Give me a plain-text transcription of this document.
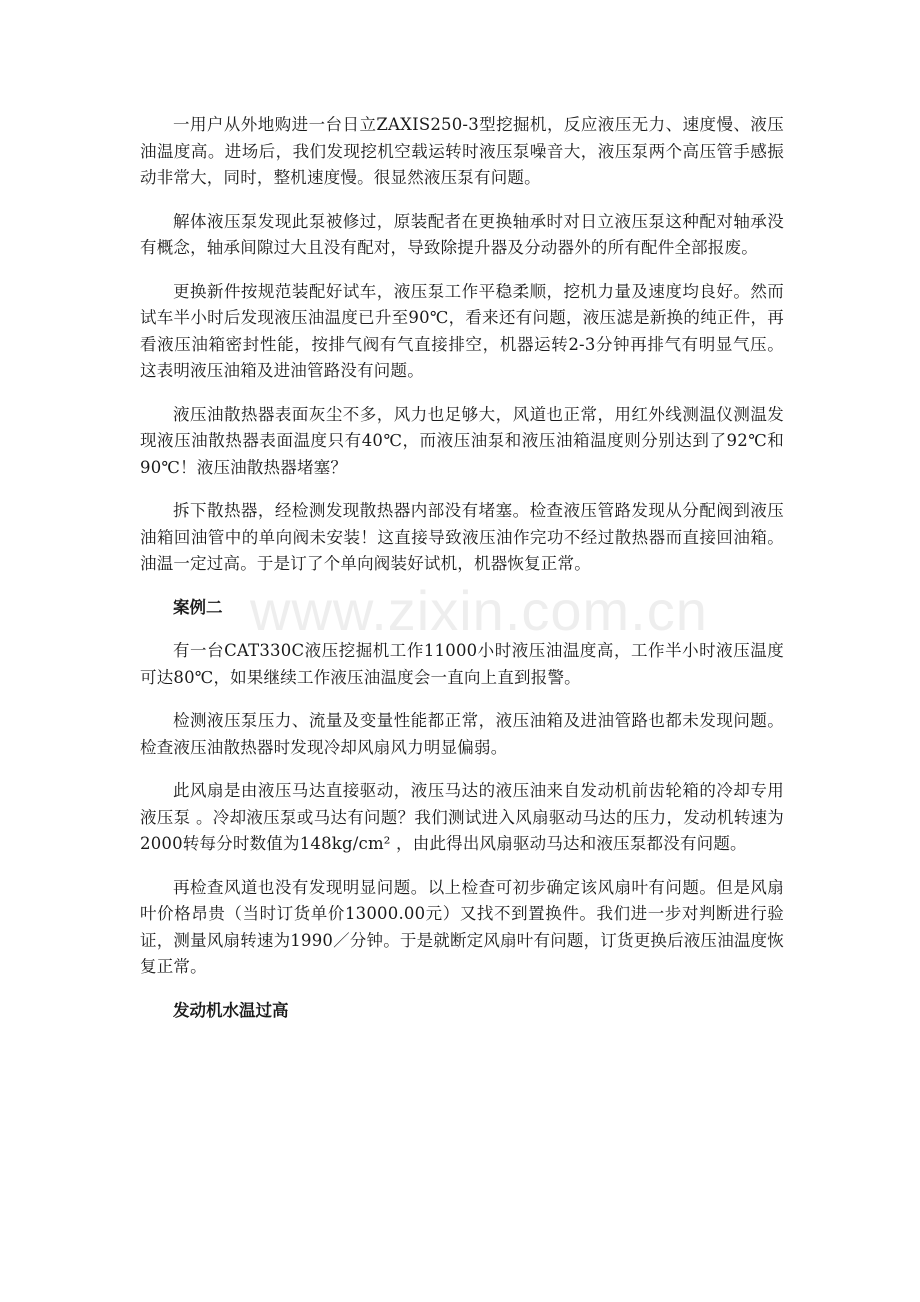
一用户从外地购进一台日立ZAXIS250-3型挖掘机，反应液压无力、速度慢、液压油温度高。进场后，我们发现挖机空载运转时液压泵噪音大，液压泵两个高压管手感振动非常大，同时，整机速度慢。很显然液压泵有问题。

解体液压泵发现此泵被修过，原装配者在更换轴承时对日立液压泵这种配对轴承没有概念，轴承间隙过大且没有配对，导致除提升器及分动器外的所有配件全部报废。

更换新件按规范装配好试车，液压泵工作平稳柔顺，挖机力量及速度均良好。然而试车半小时后发现液压油温度已升至90℃，看来还有问题，液压滤是新换的纯正件，再看液压油箱密封性能，按排气阀有气直接排空，机器运转2-3分钟再排气有明显气压。这表明液压油箱及进油管路没有问题。

液压油散热器表面灰尘不多，风力也足够大，风道也正常，用红外线测温仪测温发现液压油散热器表面温度只有40℃，而液压油泵和液压油箱温度则分别达到了92℃和90℃！液压油散热器堵塞？

拆下散热器，经检测发现散热器内部没有堵塞。检查液压管路发现从分配阀到液压油箱回油管中的单向阀未安装！这直接导致液压油作完功不经过散热器而直接回油箱。油温一定过高。于是订了个单向阀装好试机，机器恢复正常。

案例二

有一台CAT330C液压挖掘机工作11000小时液压油温度高，工作半小时液压温度可达80℃，如果继续工作液压油温度会一直向上直到报警。

检测液压泵压力、流量及变量性能都正常，液压油箱及进油管路也都未发现问题。检查液压油散热器时发现冷却风扇风力明显偏弱。

此风扇是由液压马达直接驱动，液压马达的液压油来自发动机前齿轮箱的冷却专用液压泵 。冷却液压泵或马达有问题？我们测试进入风扇驱动马达的压力，发动机转速为2000转每分时数值为148kg/cm² ，由此得出风扇驱动马达和液压泵都没有问题。

再检查风道也没有发现明显问题。以上检查可初步确定该风扇叶有问题。但是风扇叶价格昂贵（当时订货单价13000.00元）又找不到置换件。我们进一步对判断进行验证，测量风扇转速为1990／分钟。于是就断定风扇叶有问题，订货更换后液压油温度恢复正常。

发动机水温过高

www.zixin.com.cn
